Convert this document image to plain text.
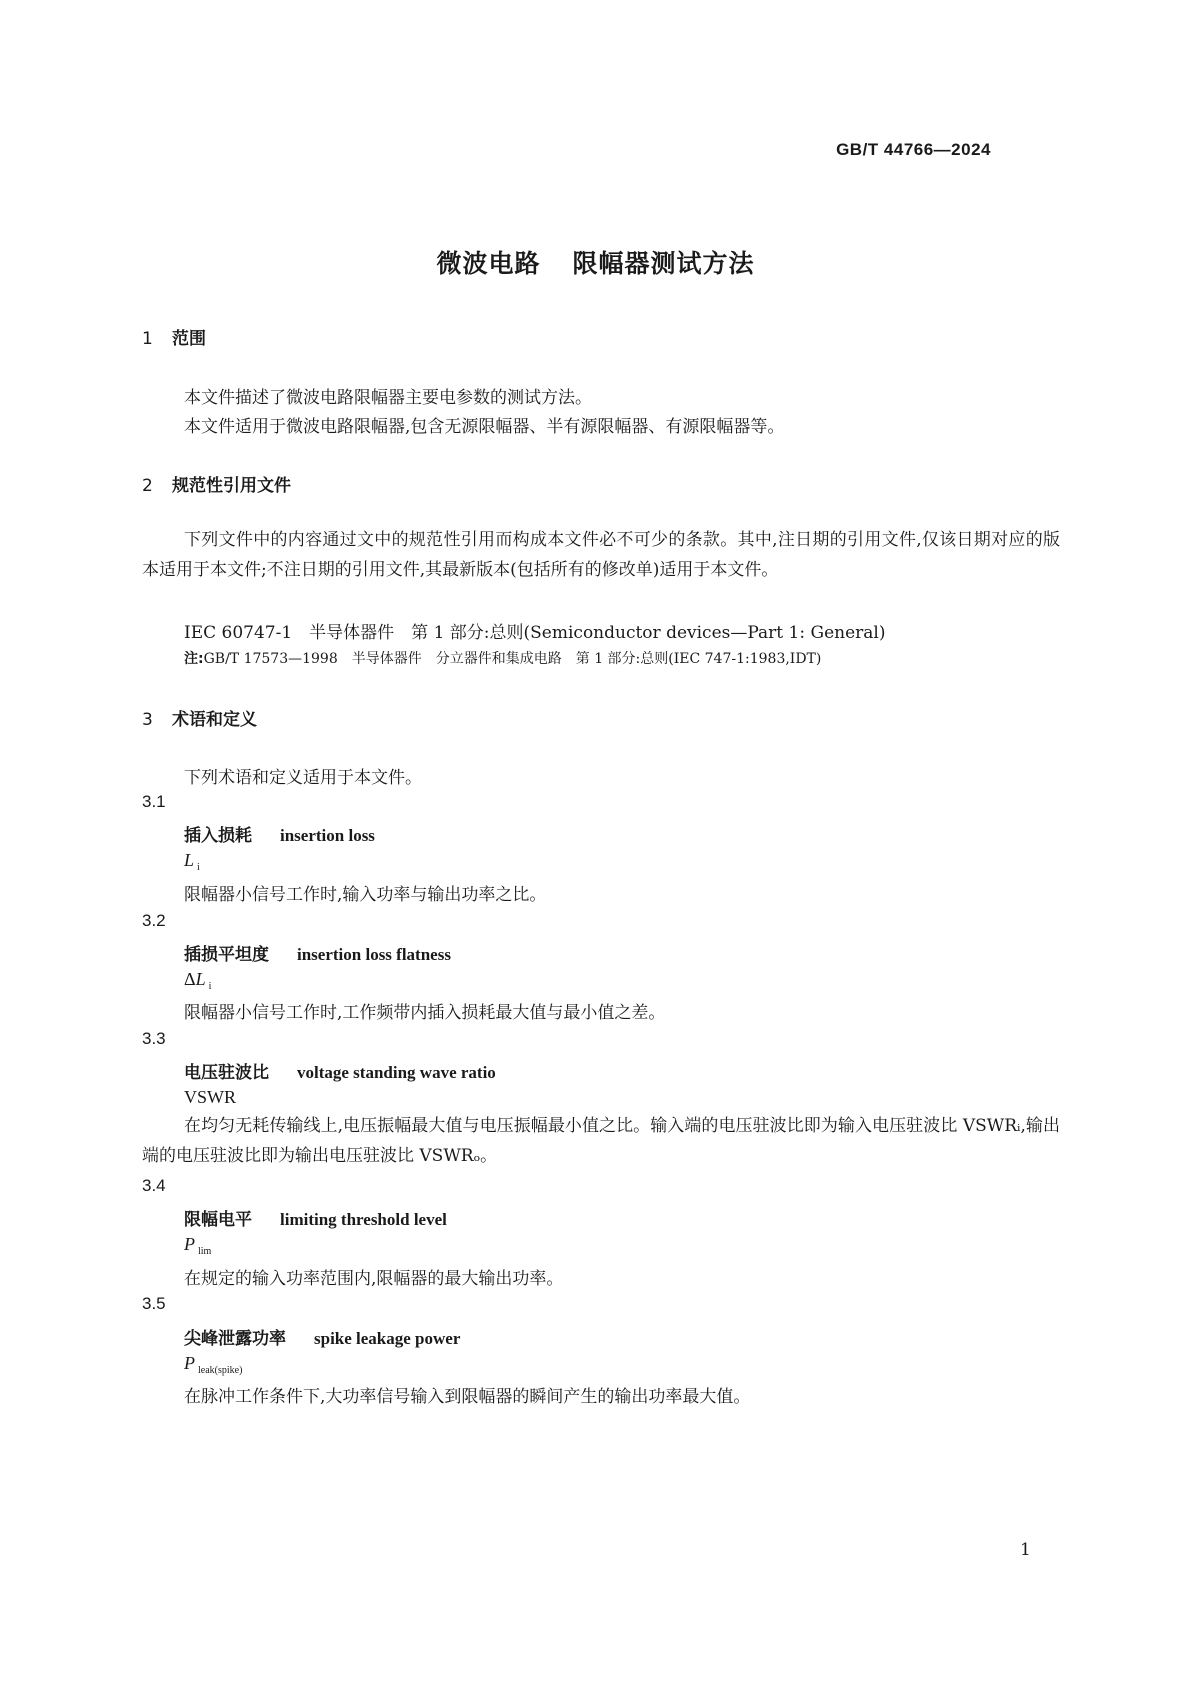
GB/T 44766—2024
微波电路 限幅器测试方法
1 范围
本文件描述了微波电路限幅器主要电参数的测试方法。
本文件适用于微波电路限幅器,包含无源限幅器、半有源限幅器、有源限幅器等。
2 规范性引用文件
下列文件中的内容通过文中的规范性引用而构成本文件必不可少的条款。其中,注日期的引用文件,仅该日期对应的版本适用于本文件;不注日期的引用文件,其最新版本(包括所有的修改单)适用于本文件。
IEC 60747-1　半导体器件　第 1 部分:总则(Semiconductor devices—Part 1: General)
注:GB/T 17573—1998　半导体器件　分立器件和集成电路　第 1 部分:总则(IEC 747-1:1983,IDT)
3 术语和定义
下列术语和定义适用于本文件。
3.1
插入损耗 insertion loss
L $_i$
限幅器小信号工作时,输入功率与输出功率之比。
3.2
插损平坦度 insertion loss flatness
ΔL $_i$
限幅器小信号工作时,工作频带内插入损耗最大值与最小值之差。
3.3
电压驻波比 voltage standing wave ratio
VSWR
在均匀无耗传输线上,电压振幅最大值与电压振幅最小值之比。输入端的电压驻波比即为输入电压驻波比 VSWRᵢ,输出端的电压驻波比即为输出电压驻波比 VSWRₒ。
3.4
限幅电平 limiting threshold level
P $_{lim}$
在规定的输入功率范围内,限幅器的最大输出功率。
3.5
尖峰泄露功率 spike leakage power
P $_{leak(spike)}$
在脉冲工作条件下,大功率信号输入到限幅器的瞬间产生的输出功率最大值。
1
